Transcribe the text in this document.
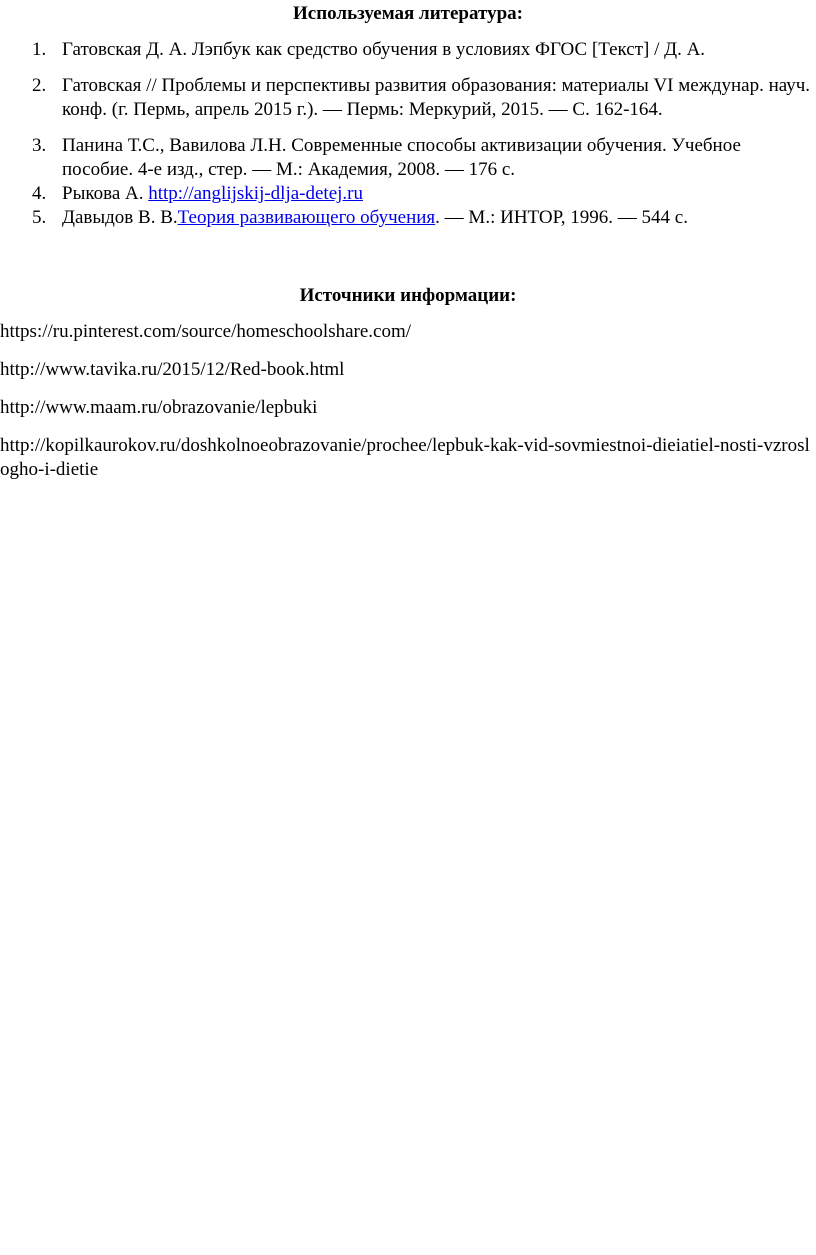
Используемая литература:
1. Гатовская Д. А. Лэпбук как средство обучения в условиях ФГОС [Текст] / Д. А.
2. Гатовская // Проблемы и перспективы развития образования: материалы VI междунар. науч. конф. (г. Пермь, апрель 2015 г.). — Пермь: Меркурий, 2015. — С. 162-164.
3. Панина Т.С., Вавилова Л.Н. Современные способы активизации обучения. Учебное пособие. 4-е изд., стер. — М.: Академия, 2008. — 176 с.
4. Рыкова А. http://anglijskij-dlja-detej.ru
5. Давыдов В. В.Теория развивающего обучения. — М.: ИНТОР, 1996. — 544 с.
Источники информации:

https://ru.pinterest.com/source/homeschoolshare.com/

http://www.tavika.ru/2015/12/Red-book.html

http://www.maam.ru/obrazovanie/lepbuki

http://kopilkaurokov.ru/doshkolnoeobrazovanie/prochee/lepbuk-kak-vid-sovmiestnoi-dieiatiel-nosti-vzroslogho-i-dietie
